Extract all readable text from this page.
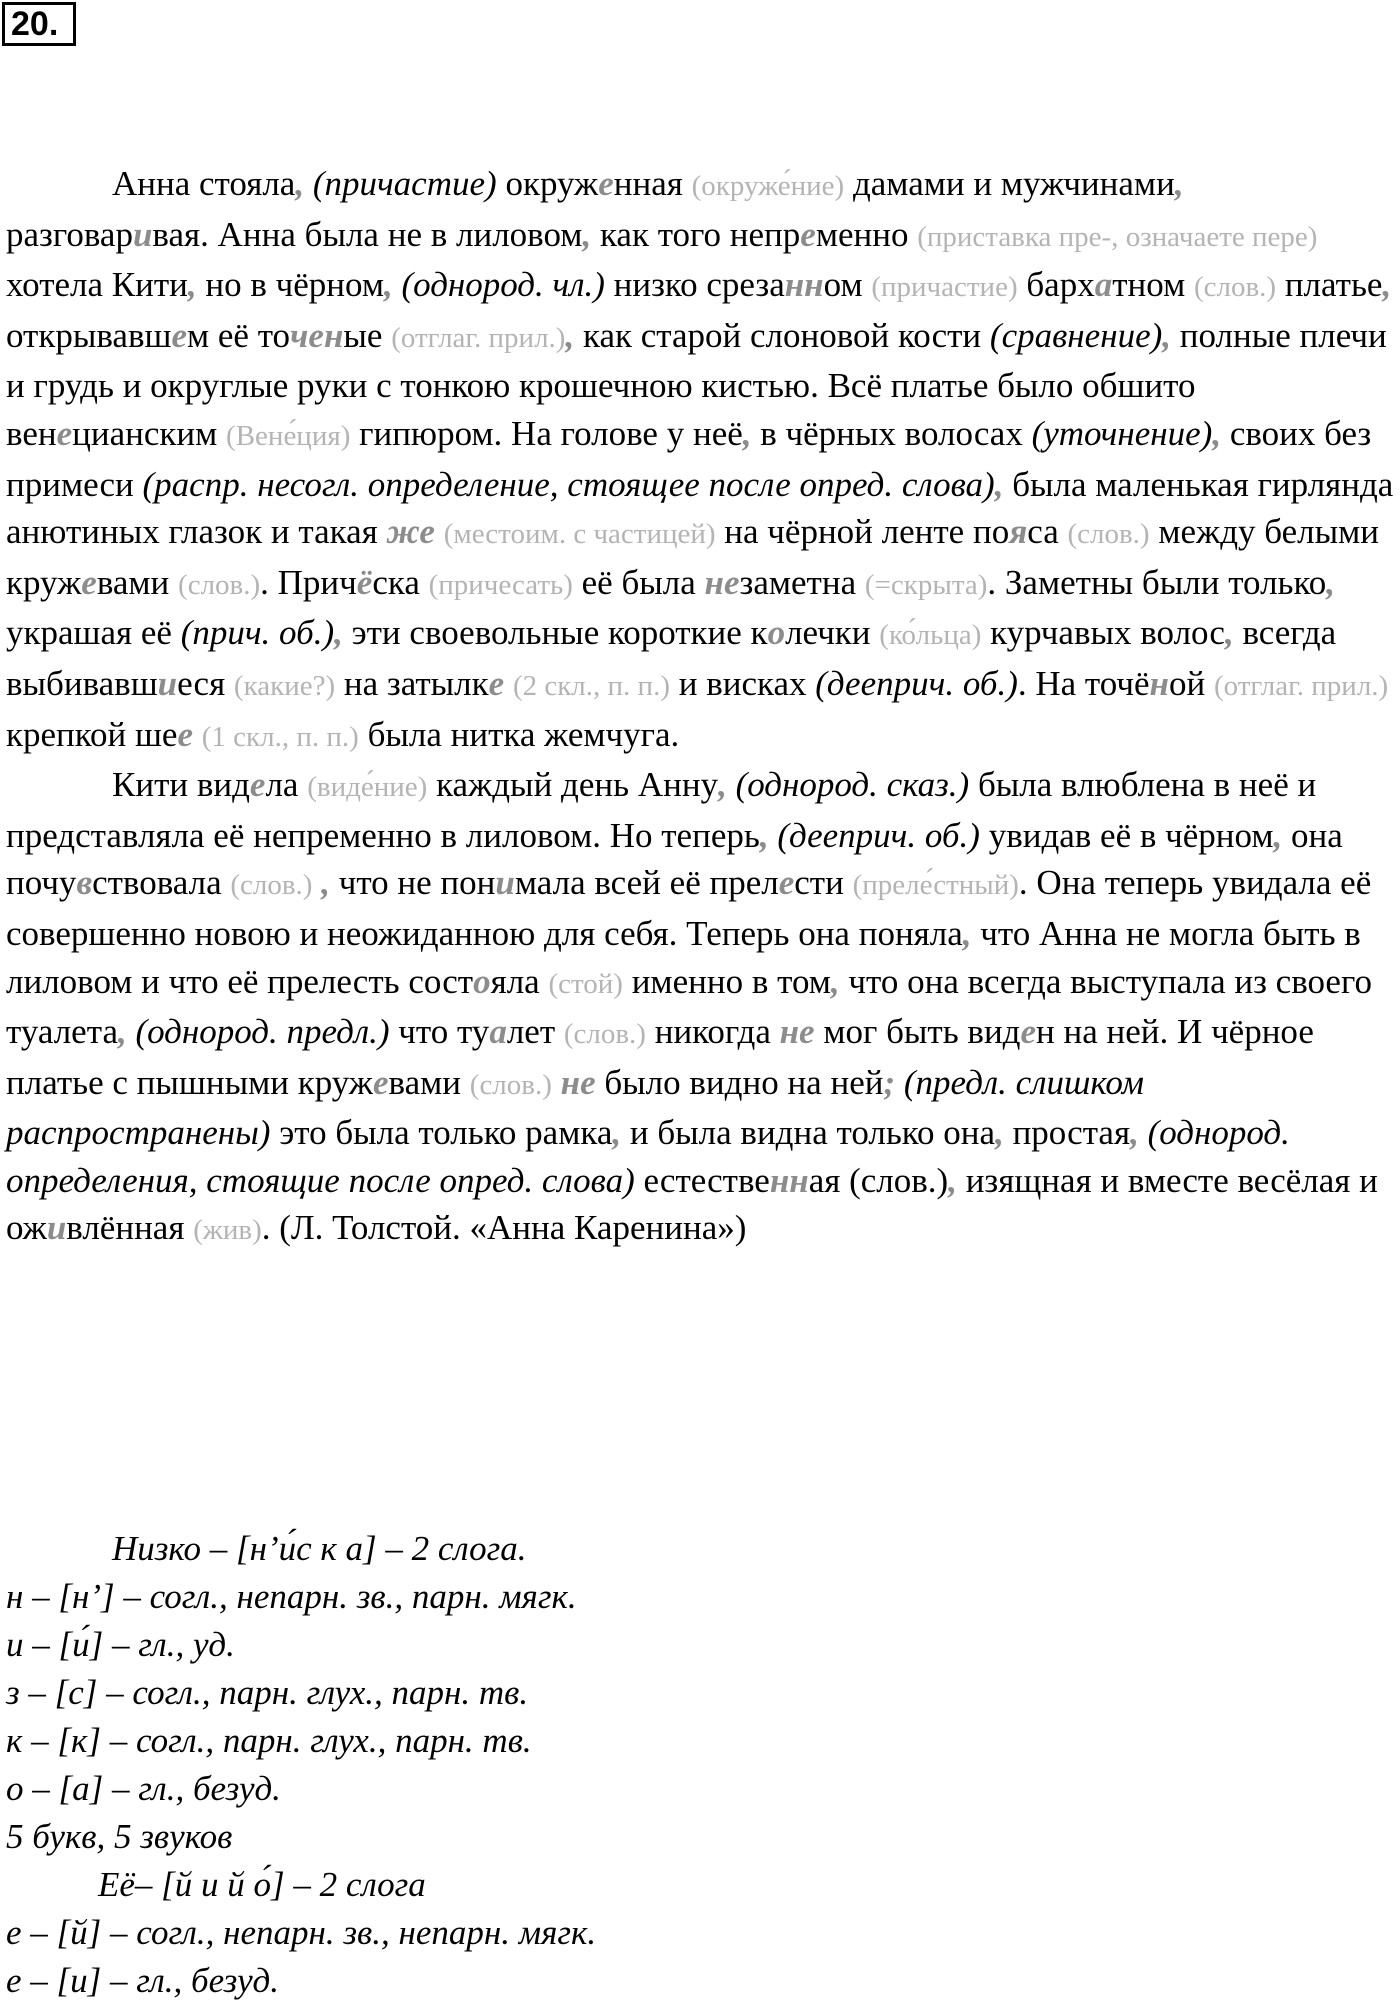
20.

Анна стояла, (причастие) окруженная (окруже́ние) дамами и мужчинами, разговаривая. Анна была не в лиловом, как того непременно (приставка пре-, означаете пере) хотела Кити, но в чёрном, (однород. чл.) низко срезанном (причастие) бархатном (слов.) платье, открывавшем её точеные (отглаг. прил.), как старой слоновой кости (сравнение), полные плечи и грудь и округлые руки с тонкою крошечною кистью. Всё платье было обшито венецианским (Вене́ция) гипюром. На голове у неё, в чёрных волосах (уточнение), своих без примеси (распр. несогл. определение, стоящее после опред. слова), была маленькая гирлянда анютиных глазок и такая же (местоим. с частицей) на чёрной ленте пояса (слов.) между белыми кружевами (слов.). Причёска (причесать) её была незаметна (=скрыта). Заметны были только, украшая её (прич. об.), эти своевольные короткие колечки (ко́льца) курчавых волос, всегда выбивавшиеся (какие?) на затылке (2 скл., п. п.) и висках (дееприч. об.). На точёной (отглаг. прил.) крепкой шее (1 скл., п. п.) была нитка жемчуга.

Кити видела (виде́ние) каждый день Анну, (однород. сказ.) была влюблена в неё и представляла её непременно в лиловом. Но теперь, (дееприч. об.) увидав её в чёрном, она почувствовала (слов.) , что не понимала всей её прелести (преле́стный). Она теперь увидала её совершенно новою и неожиданною для себя. Теперь она поняла, что Анна не могла быть в лиловом и что её прелесть состояла (стой) именно в том, что она всегда выступала из своего туалета, (однород. предл.) что туалет (слов.) никогда не мог быть виден на ней. И чёрное платье с пышными кружевами (слов.) не было видно на ней; (предл. слишком распространены) это была только рамка, и была видна только она, простая, (однород. определения, стоящие после опред. слова) естественная (слов.), изящная и вместе весёлая и оживлённая (жив). (Л. Толстой. «Анна Каренина»)

Низко – [н’и́с к а] – 2 слога.

н – [н’] – согл., непарн. зв., парн. мягк.

и – [и́] – гл., уд.

з – [с] – согл., парн. глух., парн. тв.

к – [к] – согл., парн. глух., парн. тв.

о – [а] – гл., безуд.

5 букв, 5 звуков

Её– [й и й о́] – 2 слога

е – [й] – согл., непарн. зв., непарн. мягк.

е – [и] – гл., безуд.
